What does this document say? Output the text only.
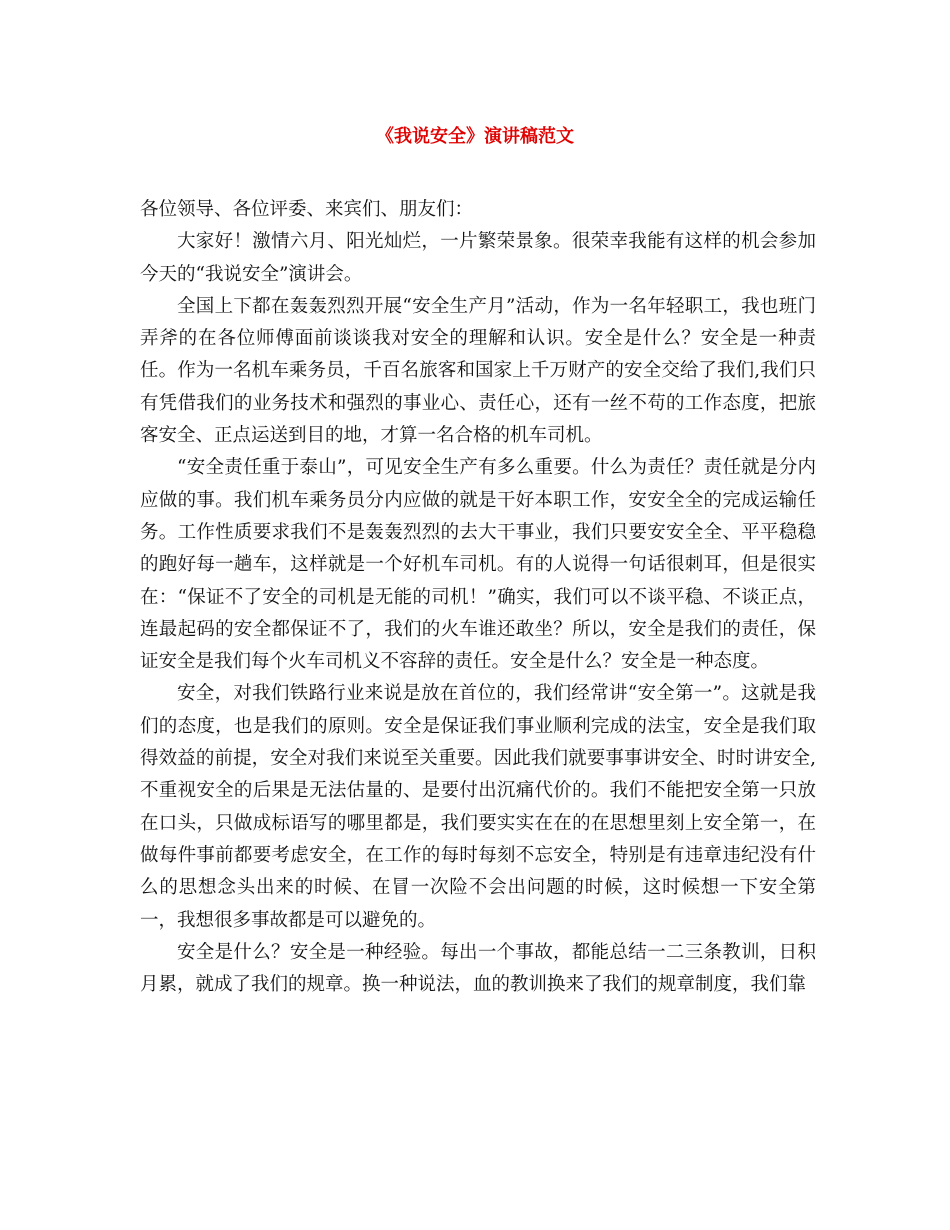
《我说安全》演讲稿范文

各位领导、各位评委、来宾们、朋友们：

大家好！激情六月、阳光灿烂，一片繁荣景象。很荣幸我能有这样的机会参加今天的“我说安全”演讲会。

全国上下都在轰轰烈烈开展“安全生产月”活动，作为一名年轻职工，我也班门弄斧的在各位师傅面前谈谈我对安全的理解和认识。安全是什么？安全是一种责任。作为一名机车乘务员，千百名旅客和国家上千万财产的安全交给了我们,我们只有凭借我们的业务技术和强烈的事业心、责任心，还有一丝不苟的工作态度，把旅客安全、正点运送到目的地，才算一名合格的机车司机。

“安全责任重于泰山”，可见安全生产有多么重要。什么为责任？责任就是分内应做的事。我们机车乘务员分内应做的就是干好本职工作，安安全全的完成运输任务。工作性质要求我们不是轰轰烈烈的去大干事业，我们只要安安全全、平平稳稳的跑好每一趟车，这样就是一个好机车司机。有的人说得一句话很刺耳，但是很实在：“保证不了安全的司机是无能的司机！”确实，我们可以不谈平稳、不谈正点，连最起码的安全都保证不了，我们的火车谁还敢坐？所以，安全是我们的责任，保证安全是我们每个火车司机义不容辞的责任。安全是什么？安全是一种态度。

安全，对我们铁路行业来说是放在首位的，我们经常讲“安全第一”。这就是我们的态度，也是我们的原则。安全是保证我们事业顺利完成的法宝，安全是我们取得效益的前提，安全对我们来说至关重要。因此我们就要事事讲安全、时时讲安全,不重视安全的后果是无法估量的、是要付出沉痛代价的。我们不能把安全第一只放在口头，只做成标语写的哪里都是，我们要实实在在的在思想里刻上安全第一，在做每件事前都要考虑安全，在工作的每时每刻不忘安全，特别是有违章违纪没有什么的思想念头出来的时候、在冒一次险不会出问题的时候，这时候想一下安全第一，我想很多事故都是可以避免的。

安全是什么？安全是一种经验。每出一个事故，都能总结一二三条教训，日积月累，就成了我们的规章。换一种说法，血的教训换来了我们的规章制度，我们靠
